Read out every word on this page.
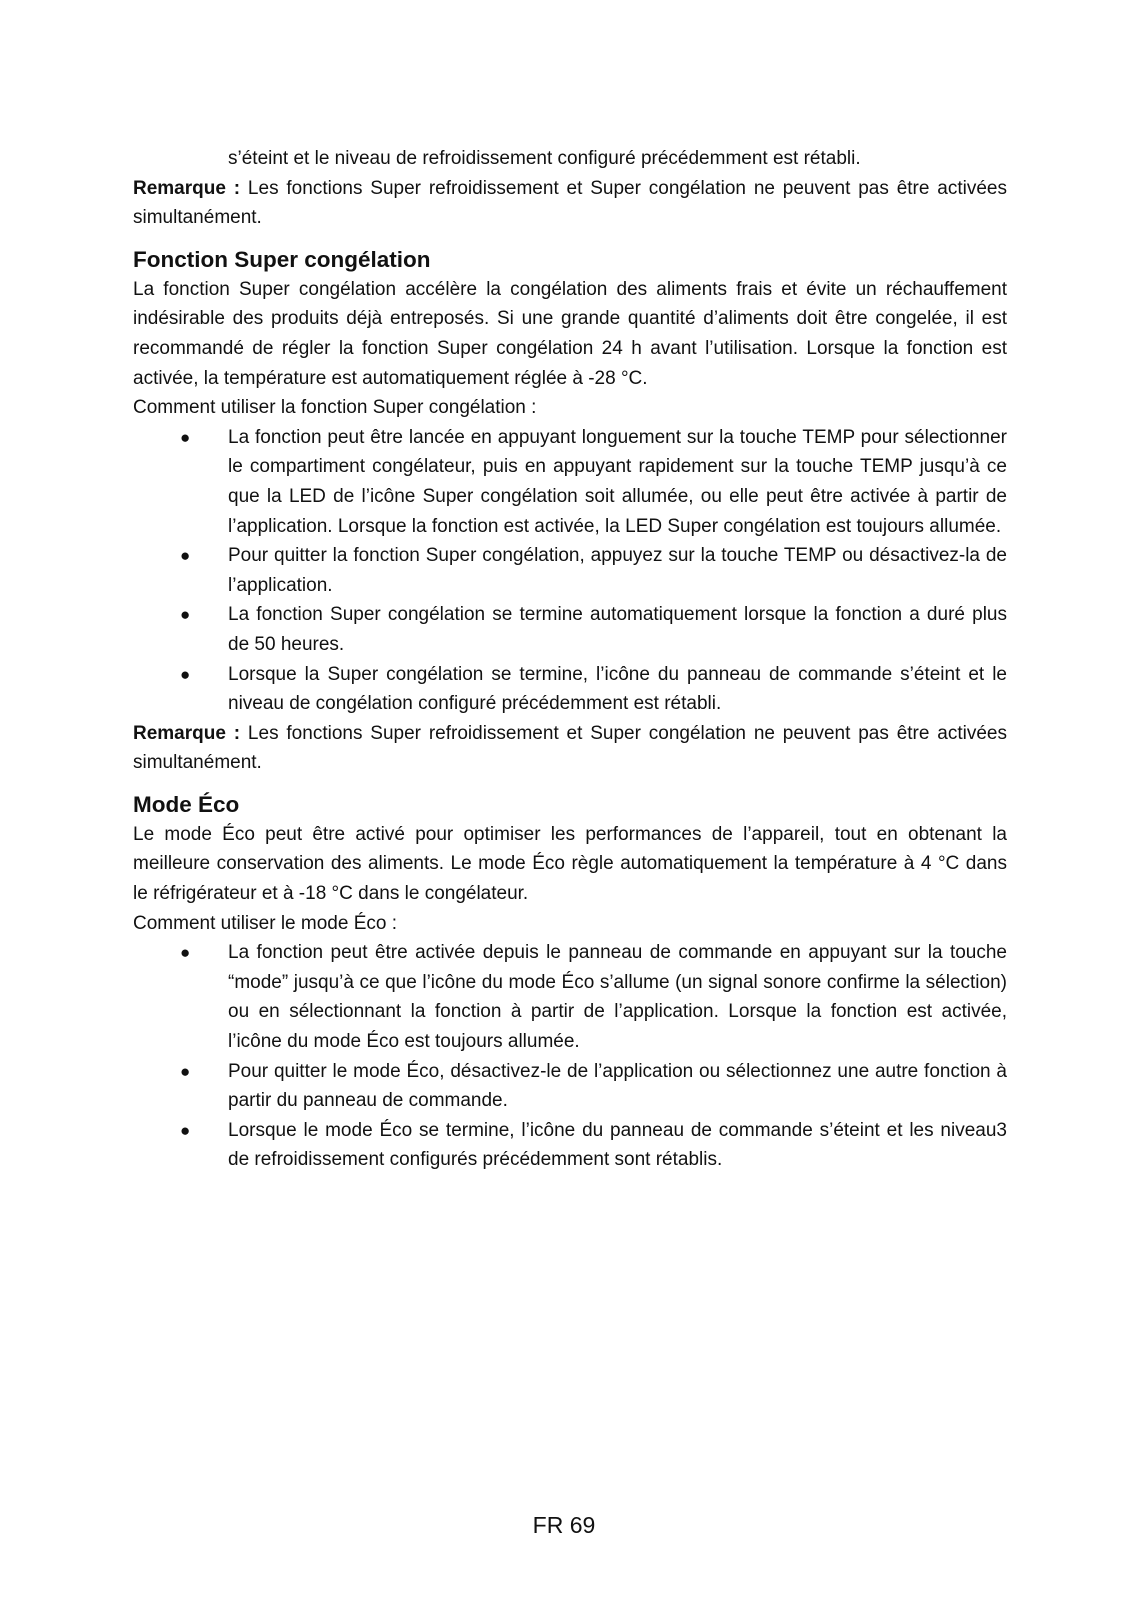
s’éteint et le niveau de refroidissement configuré précédemment est rétabli.

Remarque : Les fonctions Super refroidissement et Super congélation ne peuvent pas être activées simultanément.

Fonction Super congélation

La fonction Super congélation accélère la congélation des aliments frais et évite un réchauffement indésirable des produits déjà entreposés. Si une grande quantité d’aliments doit être congelée, il est recommandé de régler la fonction Super congélation 24 h avant l’utilisation. Lorsque la fonction est activée, la température est automatiquement réglée à -28 °C.

Comment utiliser la fonction Super congélation :

● La fonction peut être lancée en appuyant longuement sur la touche TEMP pour sélectionner le compartiment congélateur, puis en appuyant rapidement sur la touche TEMP jusqu’à ce que la LED de l’icône Super congélation soit allumée, ou elle peut être activée à partir de l’application. Lorsque la fonction est activée, la LED Super congélation est toujours allumée.
● Pour quitter la fonction Super congélation, appuyez sur la touche TEMP ou désactivez-la de l’application.
● La fonction Super congélation se termine automatiquement lorsque la fonction a duré plus de 50 heures.
● Lorsque la Super congélation se termine, l’icône du panneau de commande s’éteint et le niveau de congélation configuré précédemment est rétabli.

Remarque : Les fonctions Super refroidissement et Super congélation ne peuvent pas être activées simultanément.

Mode Éco

Le mode Éco peut être activé pour optimiser les performances de l’appareil, tout en obtenant la meilleure conservation des aliments. Le mode Éco règle automatiquement la température à 4 °C dans le réfrigérateur et à -18 °C dans le congélateur.

Comment utiliser le mode Éco :

● La fonction peut être activée depuis le panneau de commande en appuyant sur la touche “mode” jusqu’à ce que l’icône du mode Éco s’allume (un signal sonore confirme la sélection) ou en sélectionnant la fonction à partir de l’application. Lorsque la fonction est activée, l’icône du mode Éco est toujours allumée.
● Pour quitter le mode Éco, désactivez-le de l’application ou sélectionnez une autre fonction à partir du panneau de commande.
● Lorsque le mode Éco se termine, l’icône du panneau de commande s’éteint et les niveau3 de refroidissement configurés précédemment sont rétablis.
FR 69
